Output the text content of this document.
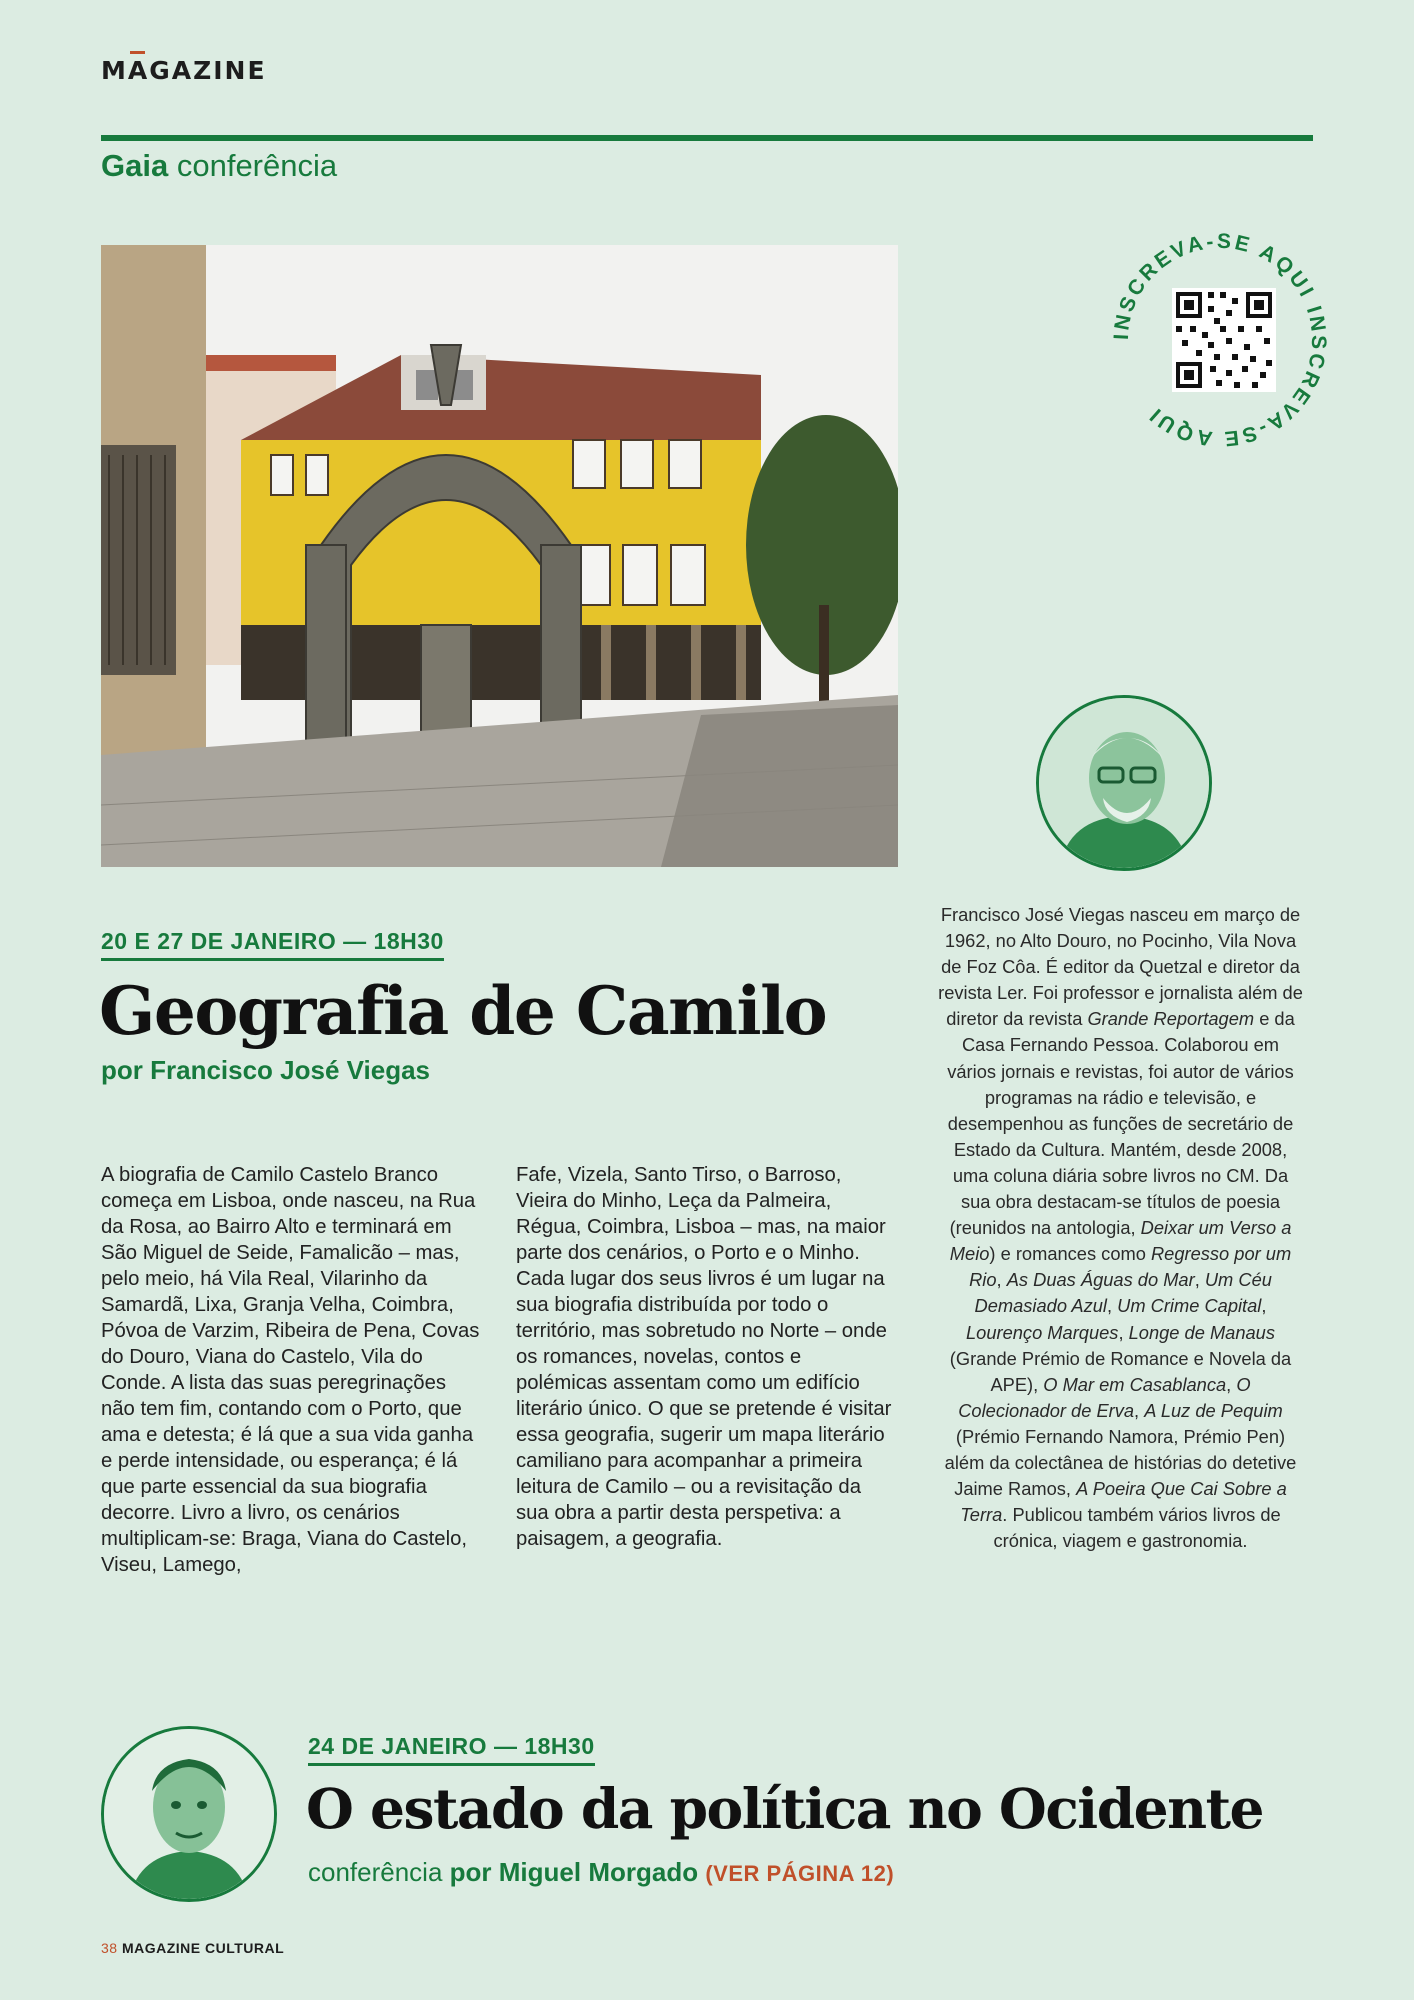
MAGAZINE
Gaia conferência
INSCREVA-SE AQUI INSCREVA-SE AQUI
20 E 27 DE JANEIRO — 18H30
Geografia de Camilo
por Francisco José Viegas
A biografia de Camilo Castelo Branco começa em Lisboa, onde nasceu, na Rua da Rosa, ao Bairro Alto e terminará em São Miguel de Seide, Famalicão – mas, pelo meio, há Vila Real, Vilarinho da Samardã, Lixa, Granja Velha, Coimbra, Póvoa de Varzim, Ribeira de Pena, Covas do Douro, Viana do Castelo, Vila do Conde. A lista das suas peregrinações não tem fim, contando com o Porto, que ama e detesta; é lá que a sua vida ganha e perde intensidade, ou esperança; é lá que parte essencial da sua biografia decorre. Livro a livro, os cenários multiplicam-se: Braga, Viana do Castelo, Viseu, Lamego,
Fafe, Vizela, Santo Tirso, o Barroso, Vieira do Minho, Leça da Palmeira, Régua, Coimbra, Lisboa – mas, na maior parte dos cenários, o Porto e o Minho. Cada lugar dos seus livros é um lugar na sua biografia distribuída por todo o território, mas sobretudo no Norte – onde os romances, novelas, contos e polémicas assentam como um edifício literário único. O que se pretende é visitar essa geografia, sugerir um mapa literário camiliano para acompanhar a primeira leitura de Camilo – ou a revisitação da sua obra a partir desta perspetiva: a paisagem, a geografia.
Francisco José Viegas nasceu em março de 1962, no Alto Douro, no Pocinho, Vila Nova de Foz Côa. É editor da Quetzal e diretor da revista Ler. Foi professor e jornalista além de diretor da revista Grande Reportagem e da Casa Fernando Pessoa. Colaborou em vários jornais e revistas, foi autor de vários programas na rádio e televisão, e desempenhou as funções de secretário de Estado da Cultura. Mantém, desde 2008, uma coluna diária sobre livros no CM. Da sua obra destacam-se títulos de poesia (reunidos na antologia, Deixar um Verso a Meio) e romances como Regresso por um Rio, As Duas Águas do Mar, Um Céu Demasiado Azul, Um Crime Capital, Lourenço Marques, Longe de Manaus (Grande Prémio de Romance e Novela da APE), O Mar em Casablanca, O Colecionador de Erva, A Luz de Pequim (Prémio Fernando Namora, Prémio Pen) além da colectânea de histórias do detetive Jaime Ramos, A Poeira Que Cai Sobre a Terra. Publicou também vários livros de crónica, viagem e gastronomia.
24 DE JANEIRO — 18H30
O estado da política no Ocidente
conferência por Miguel Morgado (VER PÁGINA 12)
38 MAGAZINE CULTURAL
